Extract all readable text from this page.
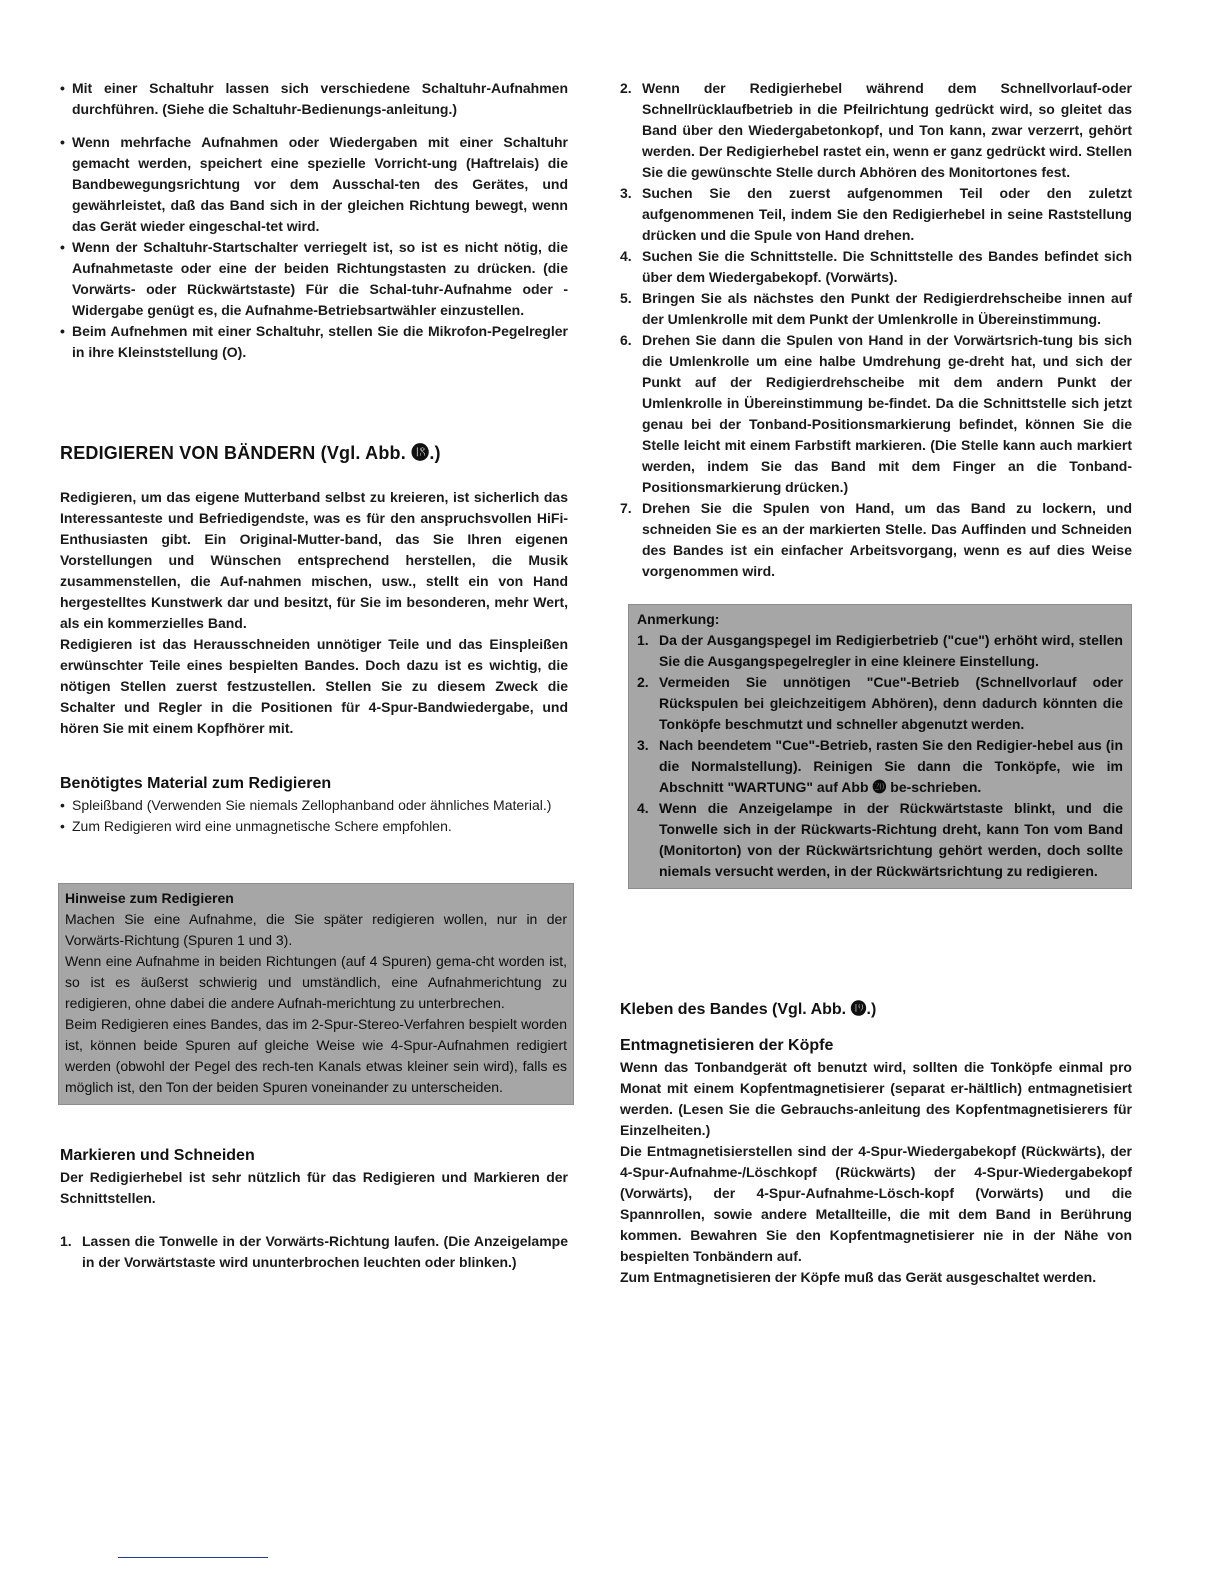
• Mit einer Schaltuhr lassen sich verschiedene Schaltuhr-Aufnahmen durchführen. (Siehe die Schaltuhr-Bedienungs-anleitung.)

• Wenn mehrfache Aufnahmen oder Wiedergaben mit einer Schaltuhr gemacht werden, speichert eine spezielle Vorricht-ung (Haftrelais) die Bandbewegungsrichtung vor dem Ausschal-ten des Gerätes, und gewährleistet, daß das Band sich in der gleichen Richtung bewegt, wenn das Gerät wieder eingeschal-tet wird.

• Wenn der Schaltuhr-Startschalter verriegelt ist, so ist es nicht nötig, die Aufnahmetaste oder eine der beiden Richtungstasten zu drücken. (die Vorwärts- oder Rückwärtstaste) Für die Schal-tuhr-Aufnahme oder -Widergabe genügt es, die Aufnahme-Betriebsartwähler einzustellen.

• Beim Aufnehmen mit einer Schaltuhr, stellen Sie die Mikrofon-Pegelregler in ihre Kleinststellung (O).

REDIGIEREN VON BÄNDERN (Vgl. Abb. ⓲.)

Redigieren, um das eigene Mutterband selbst zu kreieren, ist sicherlich das Interessanteste und Befriedigendste, was es für den anspruchsvollen HiFi-Enthusiasten gibt. Ein Original-Mutter-band, das Sie Ihren eigenen Vorstellungen und Wünschen entsprechend herstellen, die Musik zusammenstellen, die Auf-nahmen mischen, usw., stellt ein von Hand hergestelltes Kunstwerk dar und besitzt, für Sie im besonderen, mehr Wert, als ein kommerzielles Band.

Redigieren ist das Herausschneiden unnötiger Teile und das Einspleißen erwünschter Teile eines bespielten Bandes. Doch dazu ist es wichtig, die nötigen Stellen zuerst festzustellen. Stellen Sie zu diesem Zweck die Schalter und Regler in die Positionen für 4-Spur-Bandwiedergabe, und hören Sie mit einem Kopfhörer mit.

Benötigtes Material zum Redigieren

• Spleißband (Verwenden Sie niemals Zellophanband oder ähnliches Material.)

• Zum Redigieren wird eine unmagnetische Schere empfohlen.

Hinweise zum Redigieren

Machen Sie eine Aufnahme, die Sie später redigieren wollen, nur in der Vorwärts-Richtung (Spuren 1 und 3).

Wenn eine Aufnahme in beiden Richtungen (auf 4 Spuren) gema-cht worden ist, so ist es äußerst schwierig und umständlich, eine Aufnahmerichtung zu redigieren, ohne dabei die andere Aufnah-merichtung zu unterbrechen.

Beim Redigieren eines Bandes, das im 2-Spur-Stereo-Verfahren bespielt worden ist, können beide Spuren auf gleiche Weise wie 4-Spur-Aufnahmen redigiert werden (obwohl der Pegel des rech-ten Kanals etwas kleiner sein wird), falls es möglich ist, den Ton der beiden Spuren voneinander zu unterscheiden.

Markieren und Schneiden

Der Redigierhebel ist sehr nützlich für das Redigieren und Markieren der Schnittstellen.

1. Lassen die Tonwelle in der Vorwärts-Richtung laufen. (Die Anzeigelampe in der Vorwärtstaste wird ununterbrochen leuchten oder blinken.)
2. Wenn der Redigierhebel während dem Schnellvorlauf-oder Schnellrücklaufbetrieb in die Pfeilrichtung gedrückt wird, so gleitet das Band über den Wiedergabetonkopf, und Ton kann, zwar verzerrt, gehört werden. Der Redigierhebel rastet ein, wenn er ganz gedrückt wird. Stellen Sie die gewünschte Stelle durch Abhören des Monitortones fest.
3. Suchen Sie den zuerst aufgenommen Teil oder den zuletzt aufgenommenen Teil, indem Sie den Redigierhebel in seine Raststellung drücken und die Spule von Hand drehen.
4. Suchen Sie die Schnittstelle. Die Schnittstelle des Bandes befindet sich über dem Wiedergabekopf. (Vorwärts).
5. Bringen Sie als nächstes den Punkt der Redigierdrehscheibe innen auf der Umlenkrolle mit dem Punkt der Umlenkrolle in Übereinstimmung.
6. Drehen Sie dann die Spulen von Hand in der Vorwärtsrich-tung bis sich die Umlenkrolle um eine halbe Umdrehung ge-dreht hat, und sich der Punkt auf der Redigierdrehscheibe mit dem andern Punkt der Umlenkrolle in Übereinstimmung be-findet. Da die Schnittstelle sich jetzt genau bei der Tonband-Positionsmarkierung befindet, können Sie die Stelle leicht mit einem Farbstift markieren. (Die Stelle kann auch markiert werden, indem Sie das Band mit dem Finger an die Tonband-Positionsmarkierung drücken.)
7. Drehen Sie die Spulen von Hand, um das Band zu lockern, und schneiden Sie es an der markierten Stelle. Das Auffinden und Schneiden des Bandes ist ein einfacher Arbeitsvorgang, wenn es auf dies Weise vorgenommen wird.

Anmerkung:

1. Da der Ausgangspegel im Redigierbetrieb ("cue") erhöht wird, stellen Sie die Ausgangspegelregler in eine kleinere Einstellung.
2. Vermeiden Sie unnötigen "Cue"-Betrieb (Schnellvorlauf oder Rückspulen bei gleichzeitigem Abhören), denn dadurch könnten die Tonköpfe beschmutzt und schneller abgenutzt werden.
3. Nach beendetem "Cue"-Betrieb, rasten Sie den Redigier-hebel aus (in die Normalstellung). Reinigen Sie dann die Tonköpfe, wie im Abschnitt "WARTUNG" auf Abb ⓴ be-schrieben.
4. Wenn die Anzeigelampe in der Rückwärtstaste blinkt, und die Tonwelle sich in der Rückwarts-Richtung dreht, kann Ton vom Band (Monitorton) von der Rückwärtsrichtung gehört werden, doch sollte niemals versucht werden, in der Rückwärtsrichtung zu redigieren.
Kleben des Bandes (Vgl. Abb. ⓳.)
Entmagnetisieren der Köpfe

Wenn das Tonbandgerät oft benutzt wird, sollten die Tonköpfe einmal pro Monat mit einem Kopfentmagnetisierer (separat er-hältlich) entmagnetisiert werden. (Lesen Sie die Gebrauchs-anleitung des Kopfentmagnetisierers für Einzelheiten.)

Die Entmagnetisierstellen sind der 4-Spur-Wiedergabekopf (Rückwärts), der 4-Spur-Aufnahme-/Löschkopf (Rückwärts) der 4-Spur-Wiedergabekopf (Vorwärts), der 4-Spur-Aufnahme-Lösch-kopf (Vorwärts) und die Spannrollen, sowie andere Metallteille, die mit dem Band in Berührung kommen. Bewahren Sie den Kopfentmagnetisierer nie in der Nähe von bespielten Tonbändern auf.

Zum Entmagnetisieren der Köpfe muß das Gerät ausgeschaltet werden.
